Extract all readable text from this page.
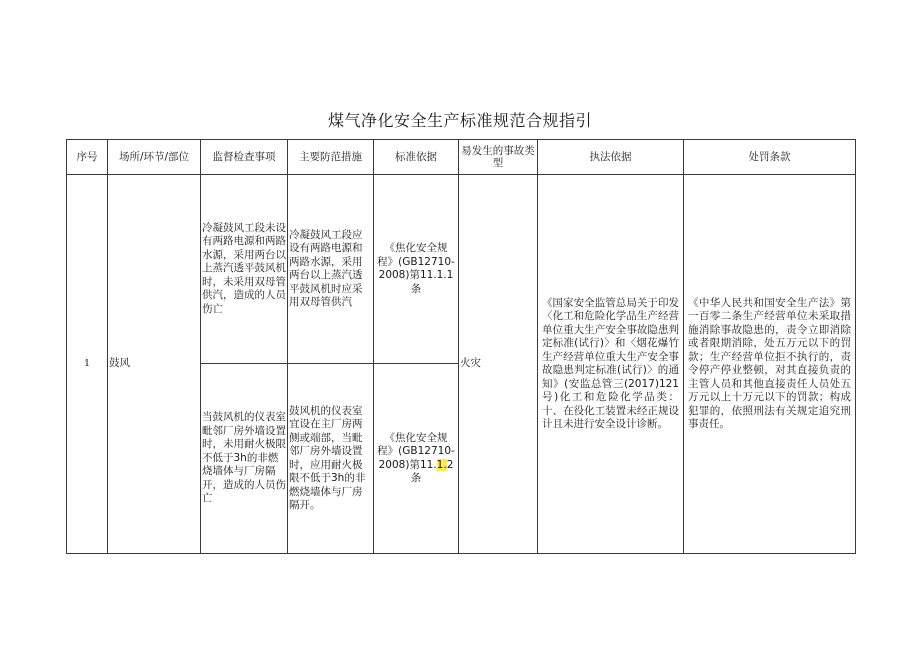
煤气净化安全生产标准规范合规指引
序号	场所/环节/部位	监督检查事项	主要防范措施	标准依据	易发生的事故类型	执法依据	处罚条款
1	鼓风	冷凝鼓风工段未设有两路电源和两路水源，采用两台以上蒸汽透平鼓风机时，未采用双母管供汽，造成的人员伤亡	冷凝鼓风工段应设有两路电源和两路水源，采用两台以上蒸汽透平鼓风机时应采用双母管供汽	《焦化安全规程》(GB12710-2008)第11.1.1条	火灾	《国家安全监管总局关于印发〈化工和危险化学品生产经营单位重大生产安全事故隐患判定标准(试行)〉和〈烟花爆竹生产经营单位重大生产安全事故隐患判定标准(试行)〉的通知》(安监总管三(2017)121号)化工和危险化学品类：十、在役化工装置未经正规设计且未进行安全设计诊断。	《中华人民共和国安全生产法》第一百零二条生产经营单位未采取措施消除事故隐患的，责令立即消除或者限期消除，处五万元以下的罚款；生产经营单位拒不执行的，责令停产停业整顿，对其直接负责的主管人员和其他直接责任人员处五万元以上十万元以下的罚款；构成犯罪的，依照刑法有关规定追究刑事责任。
		当鼓风机的仪表室毗邻厂房外墙设置时，未用耐火极限不低于3h的非燃烧墙体与厂房隔开，造成的人员伤亡	鼓风机的仪表室宜设在主厂房两侧或端部，当毗邻厂房外墙设置时，应用耐火极限不低于3h的非燃烧墙体与厂房隔开。	《焦化安全规程》(GB12710-2008)第11.1.2条			
